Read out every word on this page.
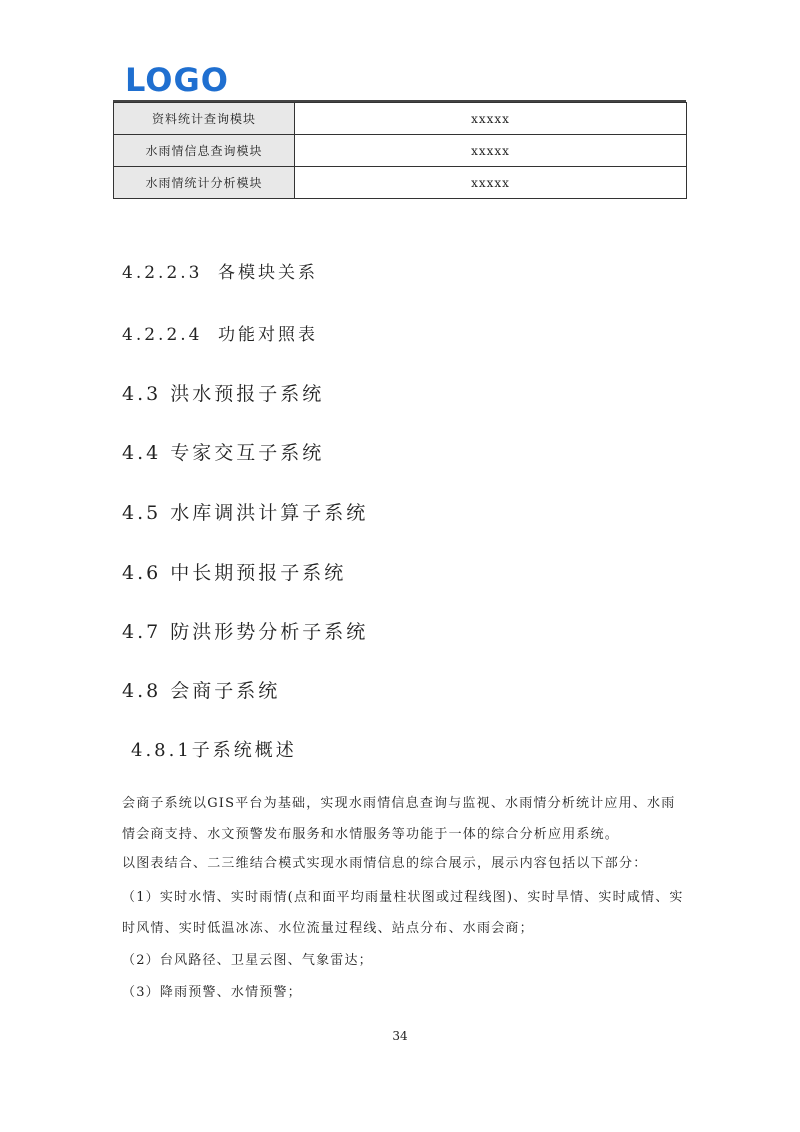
LOGO
资料统计查询模块	xxxxx
水雨情信息查询模块	xxxxx
水雨情统计分析模块	xxxxx
4.2.2.3 各模块关系
4.2.2.4 功能对照表
4.3 洪水预报子系统
4.4 专家交互子系统
4.5 水库调洪计算子系统
4.6 中长期预报子系统
4.7 防洪形势分析子系统
4.8 会商子系统
4.8.1子系统概述

会商子系统以GIS平台为基础，实现水雨情信息查询与监视、水雨情分析统计应用、水雨情会商支持、水文预警发布服务和水情服务等功能于一体的综合分析应用系统。

以图表结合、二三维结合模式实现水雨情信息的综合展示，展示内容包括以下部分：

（1）实时水情、实时雨情(点和面平均雨量柱状图或过程线图)、实时旱情、实时咸情、实时风情、实时低温冰冻、水位流量过程线、站点分布、水雨会商；

（2）台风路径、卫星云图、气象雷达；

（3）降雨预警、水情预警；

34
